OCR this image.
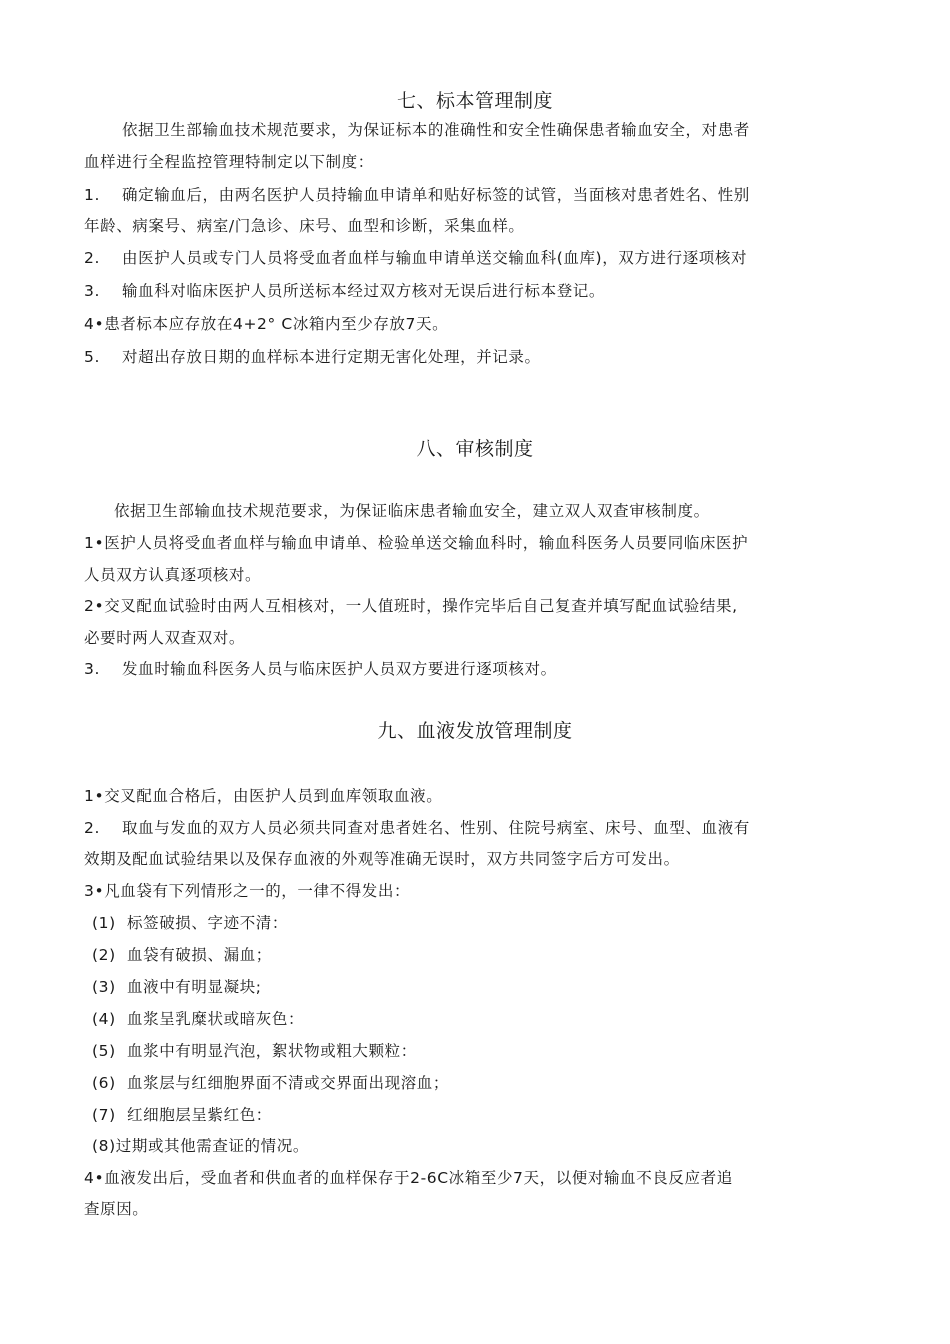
七、标本管理制度
依据卫生部输血技术规范要求，为保证标本的准确性和安全性确保患者输血安全，对患者
血样进行全程监控管理特制定以下制度：
1. 确定输血后，由两名医护人员持输血申请单和贴好标签的试管，当面核对患者姓名、性别
年龄、病案号、病室/门急诊、床号、血型和诊断，采集血样。
2. 由医护人员或专门人员将受血者血样与输血申请单送交输血科(血库)，双方进行逐项核对
3. 输血科对临床医护人员所送标本经过双方核对无误后进行标本登记。
4•患者标本应存放在4+2° C冰箱内至少存放7天。
5. 对超出存放日期的血样标本进行定期无害化处理，并记录。
八、审核制度
依据卫生部输血技术规范要求，为保证临床患者输血安全，建立双人双查审核制度。
1•医护人员将受血者血样与输血申请单、检验单送交输血科时，输血科医务人员要同临床医护
人员双方认真逐项核对。
2•交叉配血试验时由两人互相核对，一人值班时，操作完毕后自己复查并填写配血试验结果,
必要时两人双查双对。
3. 发血时输血科医务人员与临床医护人员双方要进行逐项核对。
九、血液发放管理制度
1•交叉配血合格后，由医护人员到血库领取血液。
2. 取血与发血的双方人员必须共同查对患者姓名、性别、住院号病室、床号、血型、血液有
效期及配血试验结果以及保存血液的外观等准确无误时，双方共同签字后方可发出。
3•凡血袋有下列情形之一的，一律不得发出：
(1) 标签破损、字迹不清：
(2) 血袋有破损、漏血；
(3) 血液中有明显凝块;
(4) 血浆呈乳糜状或暗灰色：
(5) 血浆中有明显汽泡，絮状物或粗大颗粒：
(6) 血浆层与红细胞界面不清或交界面出现溶血；
(7) 红细胞层呈紫红色：
(8)过期或其他需查证的情况。
4•血液发出后，受血者和供血者的血样保存于2-6C冰箱至少7天，以便对输血不良反应者追
查原因。
